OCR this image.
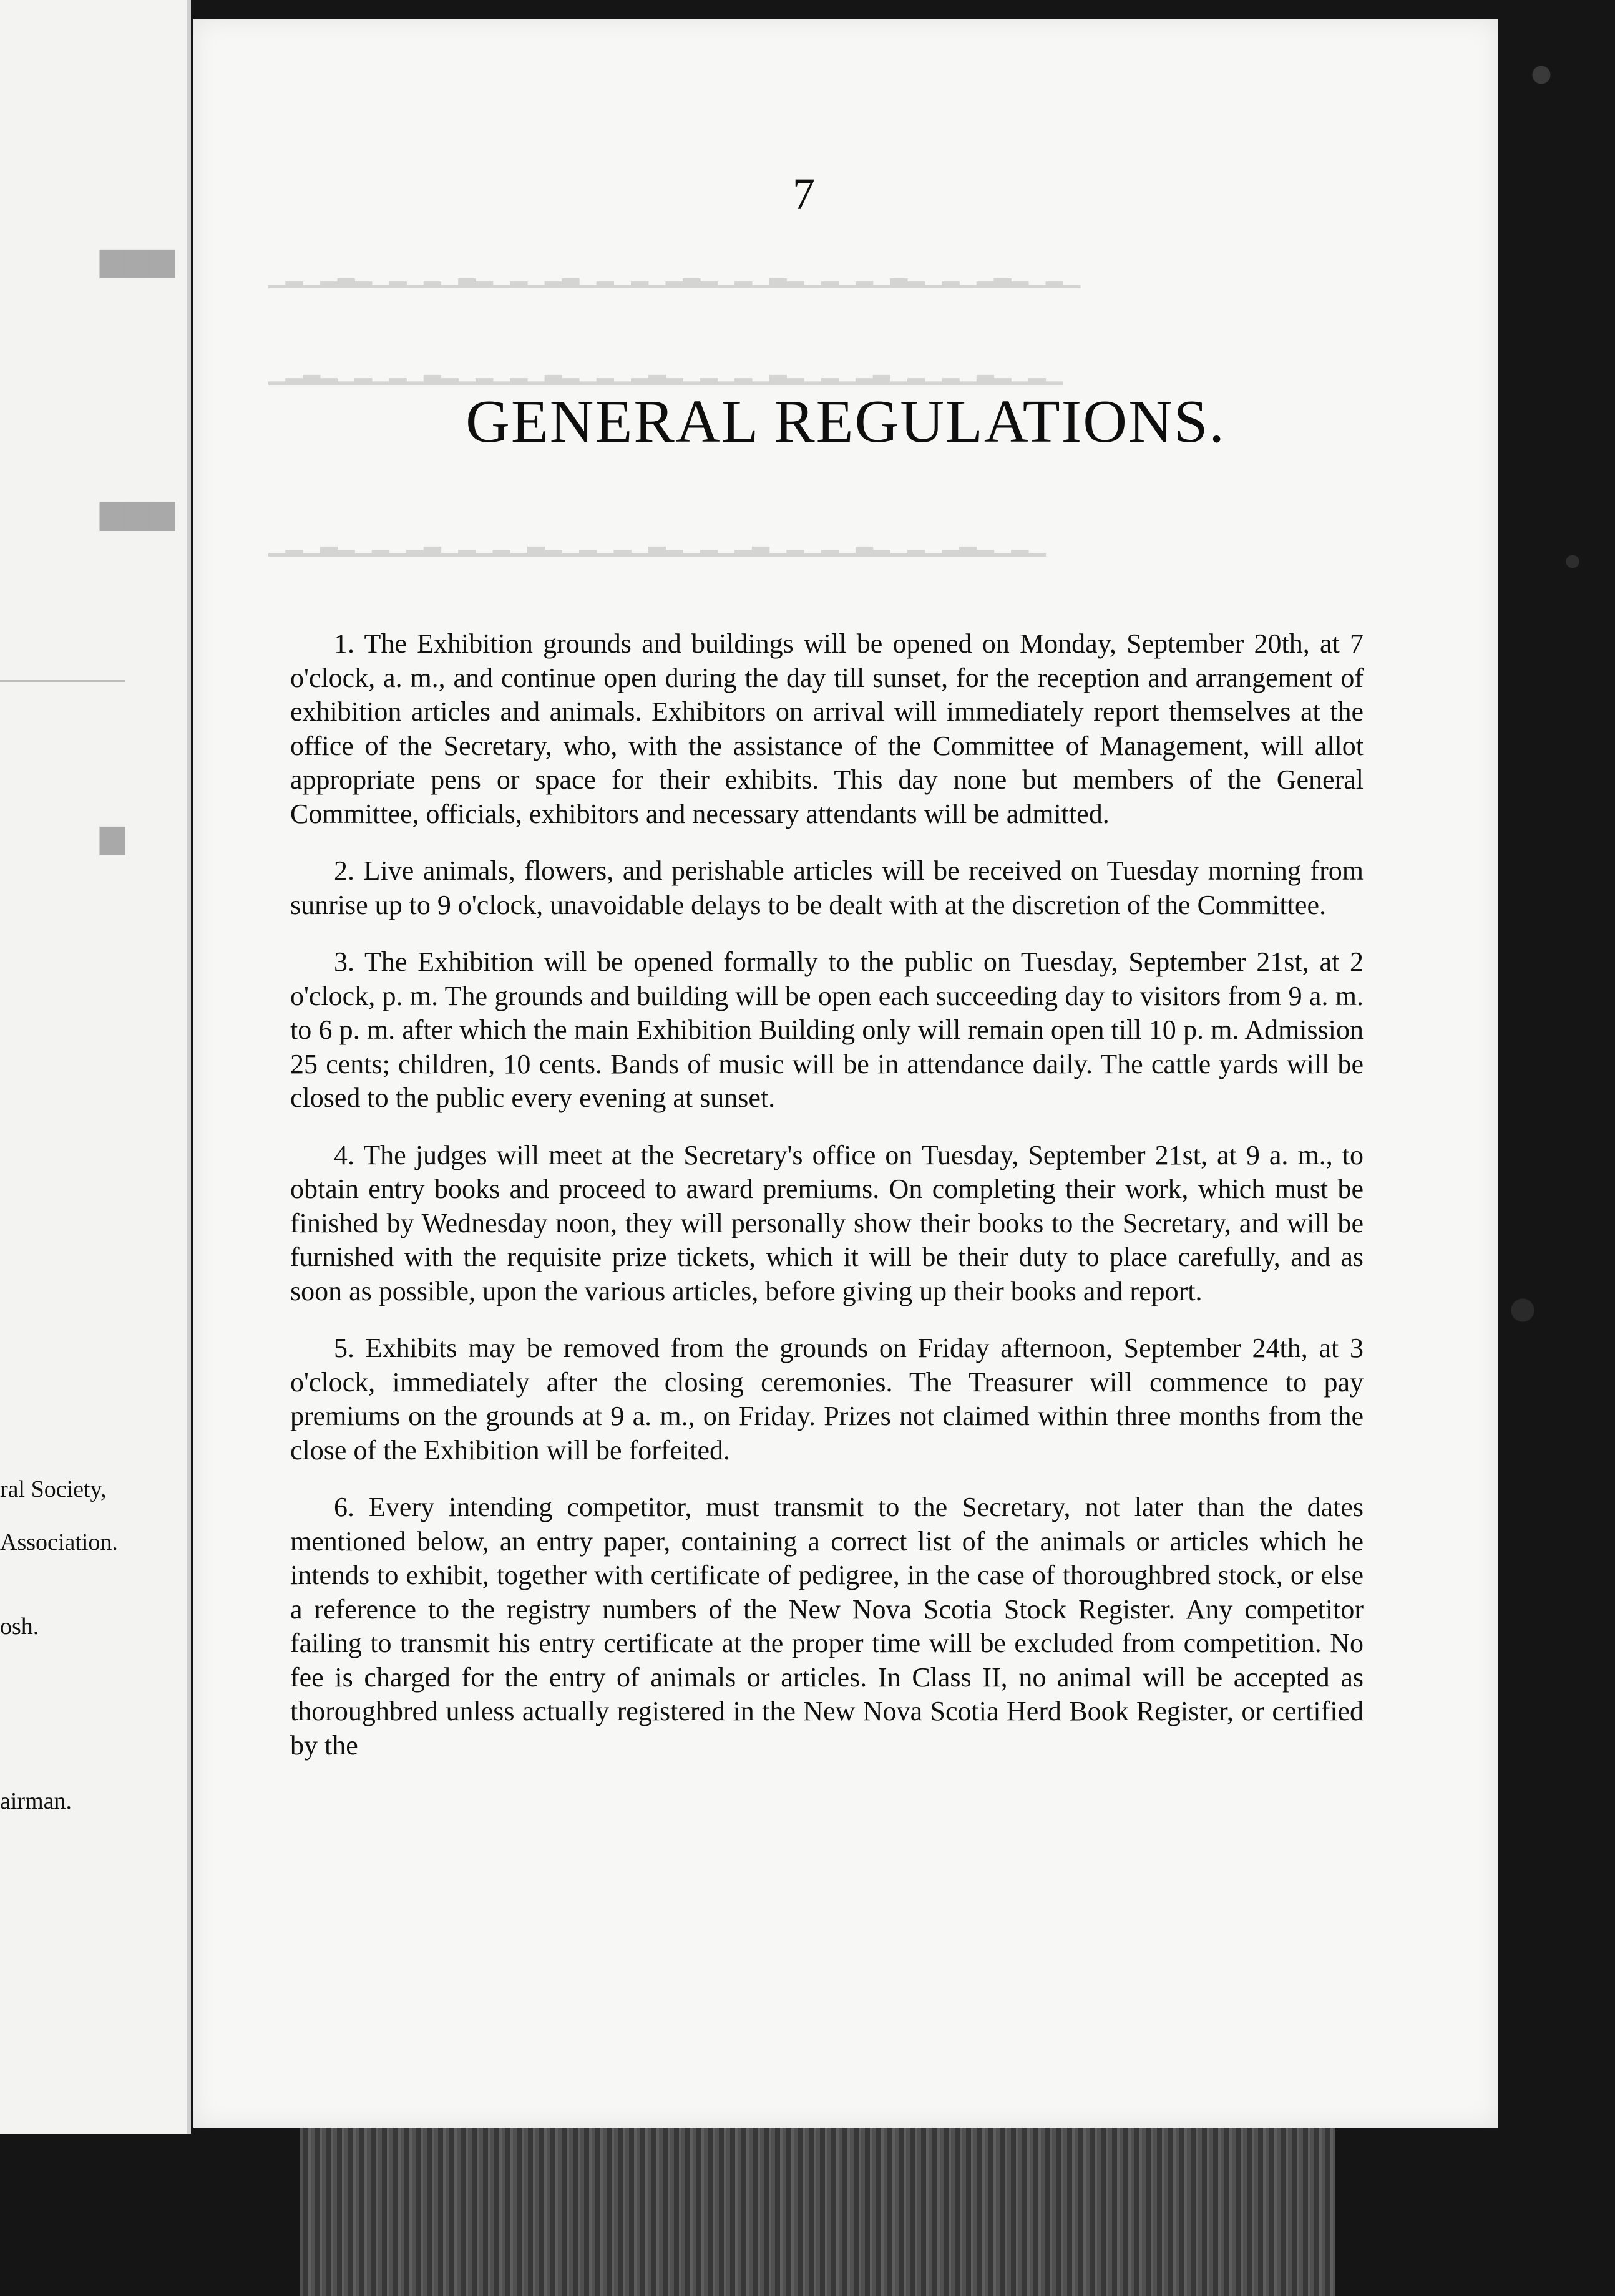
▆▆▆
▆▆▆
▆
ral Society,
Association.
osh.
airman.
▁▂▁▂▃▂▁▂▁▂▁▃▂▁▂▁▂▃▁▂▁▂▁▂▃▂▁▂▁▃▂▁▂▁▂▁▃▂▁▂▁▂▃▂▁▂▁
▁▂▃▂▁▂▁▂▁▃▂▁▂▁▂▁▃▂▁▂▁▂▃▂▁▂▁▂▁▃▂▁▂▁▂▃▁▂▁▂▁▃▂▁▂▁
▁▂▁▃▂▁▂▁▂▃▁▂▁▂▁▃▂▁▂▁▂▁▃▂▁▂▁▂▃▁▂▁▂▁▃▂▁▂▁▂▃▂▁▂▁
7
GENERAL REGULATIONS.

1. The Exhibition grounds and buildings will be opened on Monday, September 20th, at 7 o'clock, a. m., and continue open during the day till sunset, for the reception and arrangement of exhibition articles and animals. Exhibitors on arrival will immediately report themselves at the office of the Secretary, who, with the assistance of the Committee of Management, will allot appropriate pens or space for their exhibits. This day none but members of the General Committee, officials, exhibitors and necessary attendants will be admitted.

2. Live animals, flowers, and perishable articles will be received on Tuesday morning from sunrise up to 9 o'clock, unavoidable delays to be dealt with at the discretion of the Committee.

3. The Exhibition will be opened formally to the public on Tuesday, September 21st, at 2 o'clock, p. m. The grounds and building will be open each succeeding day to visitors from 9 a. m. to 6 p. m. after which the main Exhibition Building only will remain open till 10 p. m. Admission 25 cents; children, 10 cents. Bands of music will be in attendance daily. The cattle yards will be closed to the public every evening at sunset.

4. The judges will meet at the Secretary's office on Tuesday, September 21st, at 9 a. m., to obtain entry books and proceed to award premiums. On completing their work, which must be finished by Wednesday noon, they will personally show their books to the Secretary, and will be furnished with the requisite prize tickets, which it will be their duty to place carefully, and as soon as possible, upon the various articles, before giving up their books and report.

5. Exhibits may be removed from the grounds on Friday afternoon, September 24th, at 3 o'clock, immediately after the closing ceremonies. The Treasurer will commence to pay premiums on the grounds at 9 a. m., on Friday. Prizes not claimed within three months from the close of the Exhibition will be forfeited.

6. Every intending competitor, must transmit to the Secretary, not later than the dates mentioned below, an entry paper, containing a correct list of the animals or articles which he intends to exhibit, together with certificate of pedigree, in the case of thoroughbred stock, or else a reference to the registry numbers of the New Nova Scotia Stock Register. Any competitor failing to transmit his entry certificate at the proper time will be excluded from competition. No fee is charged for the entry of animals or articles. In Class II, no animal will be accepted as thoroughbred unless actually registered in the New Nova Scotia Herd Book Register, or certified by the
